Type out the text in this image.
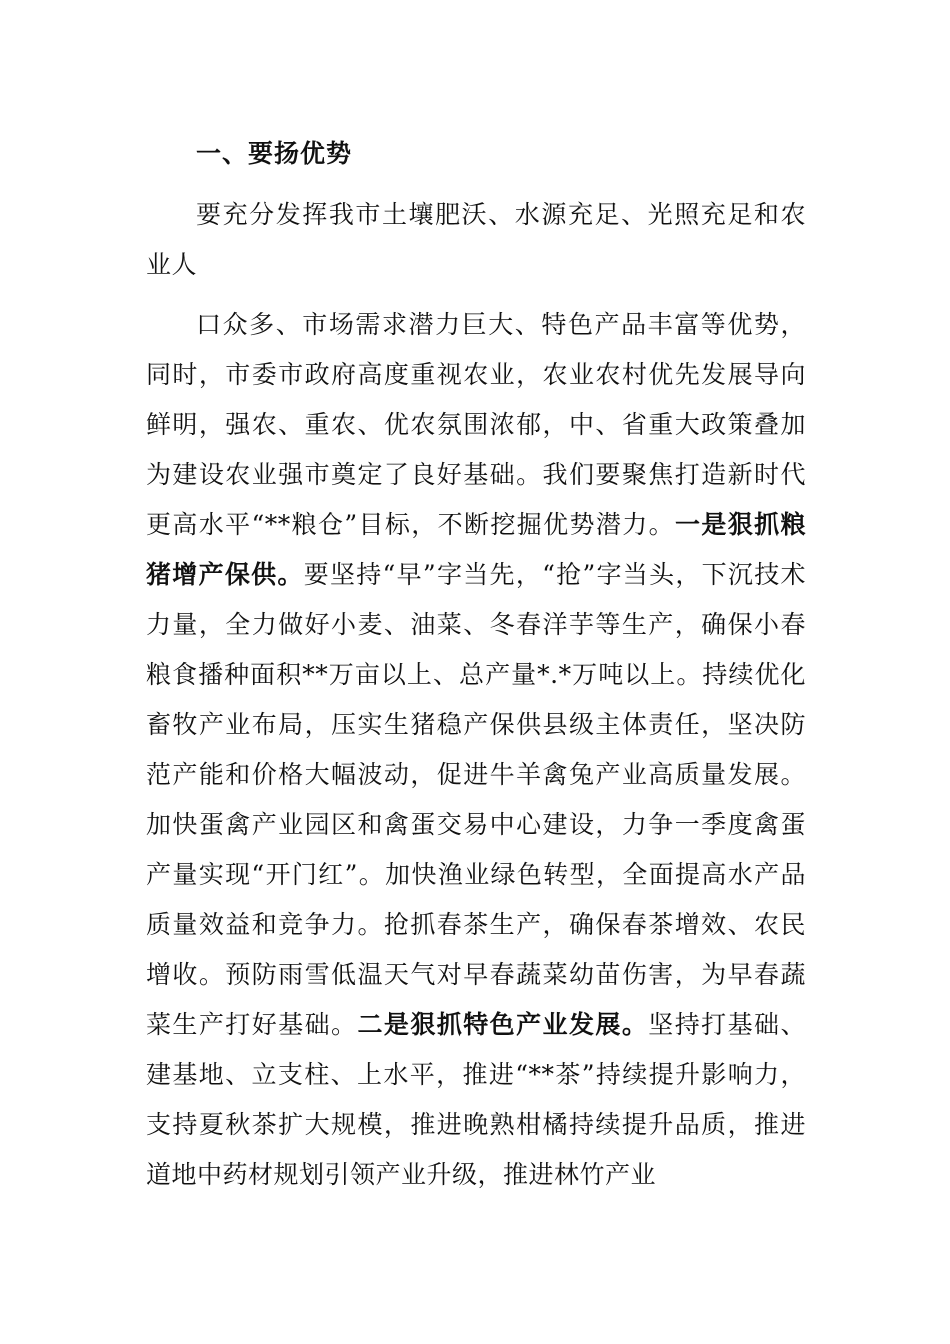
一、要扬优势

要充分发挥我市土壤肥沃、水源充足、光照充足和农业人

口众多、市场需求潜力巨大、特色产品丰富等优势，同时，市委市政府高度重视农业，农业农村优先发展导向鲜明，强农、重农、优农氛围浓郁，中、省重大政策叠加为建设农业强市奠定了良好基础。我们要聚焦打造新时代更高水平“**粮仓”目标，不断挖掘优势潜力。一是狠抓粮猪增产保供。要坚持“早”字当先，“抢”字当头，下沉技术力量，全力做好小麦、油菜、冬春洋芋等生产，确保小春粮食播种面积**万亩以上、总产量*.*万吨以上。持续优化畜牧产业布局，压实生猪稳产保供县级主体责任，坚决防范产能和价格大幅波动，促进牛羊禽兔产业高质量发展。加快蛋禽产业园区和禽蛋交易中心建设，力争一季度禽蛋产量实现“开门红”。加快渔业绿色转型，全面提高水产品质量效益和竞争力。抢抓春茶生产，确保春茶增效、农民增收。预防雨雪低温天气对早春蔬菜幼苗伤害，为早春蔬菜生产打好基础。二是狠抓特色产业发展。坚持打基础、建基地、立支柱、上水平，推进“**茶”持续提升影响力，支持夏秋茶扩大规模，推进晚熟柑橘持续提升品质，推进道地中药材规划引领产业升级，推进林竹产业
